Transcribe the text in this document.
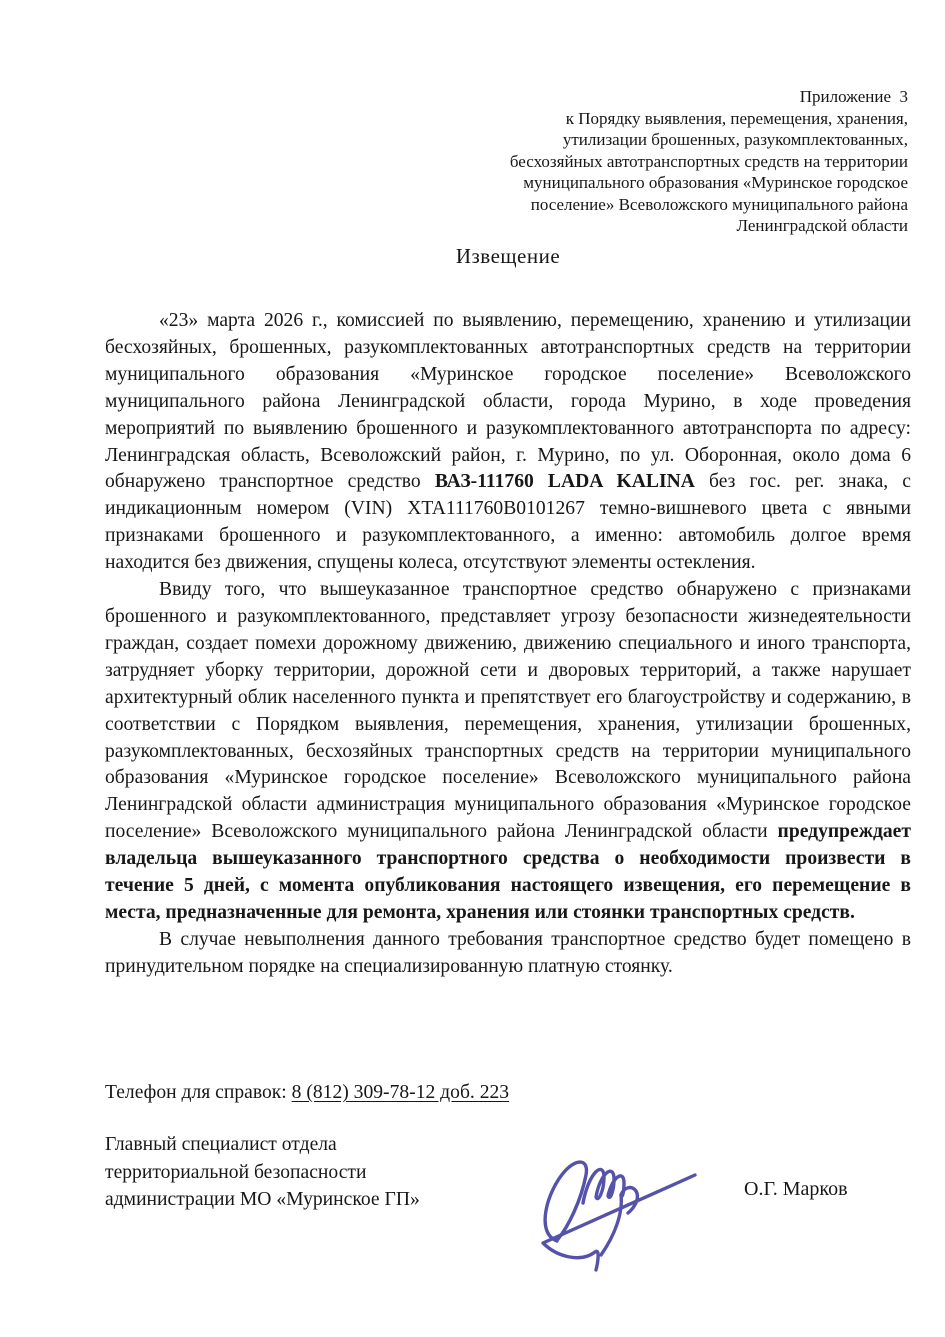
Приложение  3
к Порядку выявления, перемещения, хранения,
утилизации брошенных, разукомплектованных,
бесхозяйных автотранспортных средств на территории
муниципального образования «Муринское городское
поселение» Всеволожского муниципального района
Ленинградской области
Извещение

«23» марта 2026 г., комиссией по выявлению, перемещению, хранению и утилизации бесхозяйных, брошенных, разукомплектованных автотранспортных средств на территории муниципального образования «Муринское городское поселение» Всеволожского муниципального района Ленинградской области, города Мурино, в ходе проведения мероприятий по выявлению брошенного и разукомплектованного автотранспорта по адресу: Ленинградская область, Всеволожский район, г. Мурино, по ул. Оборонная, около дома 6 обнаружено транспортное средство ВАЗ-111760 LADA KALINA без гос. рег. знака, с индикационным номером (VIN) XTA111760B0101267 темно-вишневого цвета с явными признаками брошенного и разукомплектованного, а именно: автомобиль долгое время находится без движения, спущены колеса, отсутствуют элементы остекления.

Ввиду того, что вышеуказанное транспортное средство обнаружено с признаками брошенного и разукомплектованного, представляет угрозу безопасности жизнедеятельности граждан, создает помехи дорожному движению, движению специального и иного транспорта, затрудняет уборку территории, дорожной сети и дворовых территорий, а также нарушает архитектурный облик населенного пункта и препятствует его благоустройству и содержанию, в соответствии с Порядком выявления, перемещения, хранения, утилизации брошенных, разукомплектованных, бесхозяйных транспортных средств на территории муниципального образования «Муринское городское поселение» Всеволожского муниципального района Ленинградской области администрация муниципального образования «Муринское городское поселение» Всеволожского муниципального района Ленинградской области предупреждает владельца вышеуказанного транспортного средства о необходимости произвести в течение 5 дней, с момента опубликования настоящего извещения, его перемещение в места, предназначенные для ремонта, хранения или стоянки транспортных средств.

В случае невыполнения данного требования транспортное средство будет помещено в принудительном порядке на специализированную платную стоянку.

Телефон для справок: 8 (812) 309-78-12 доб. 223
Главный специалист отдела
территориальной безопасности
администрации МО «Муринское ГП»	О.Г. Марков
